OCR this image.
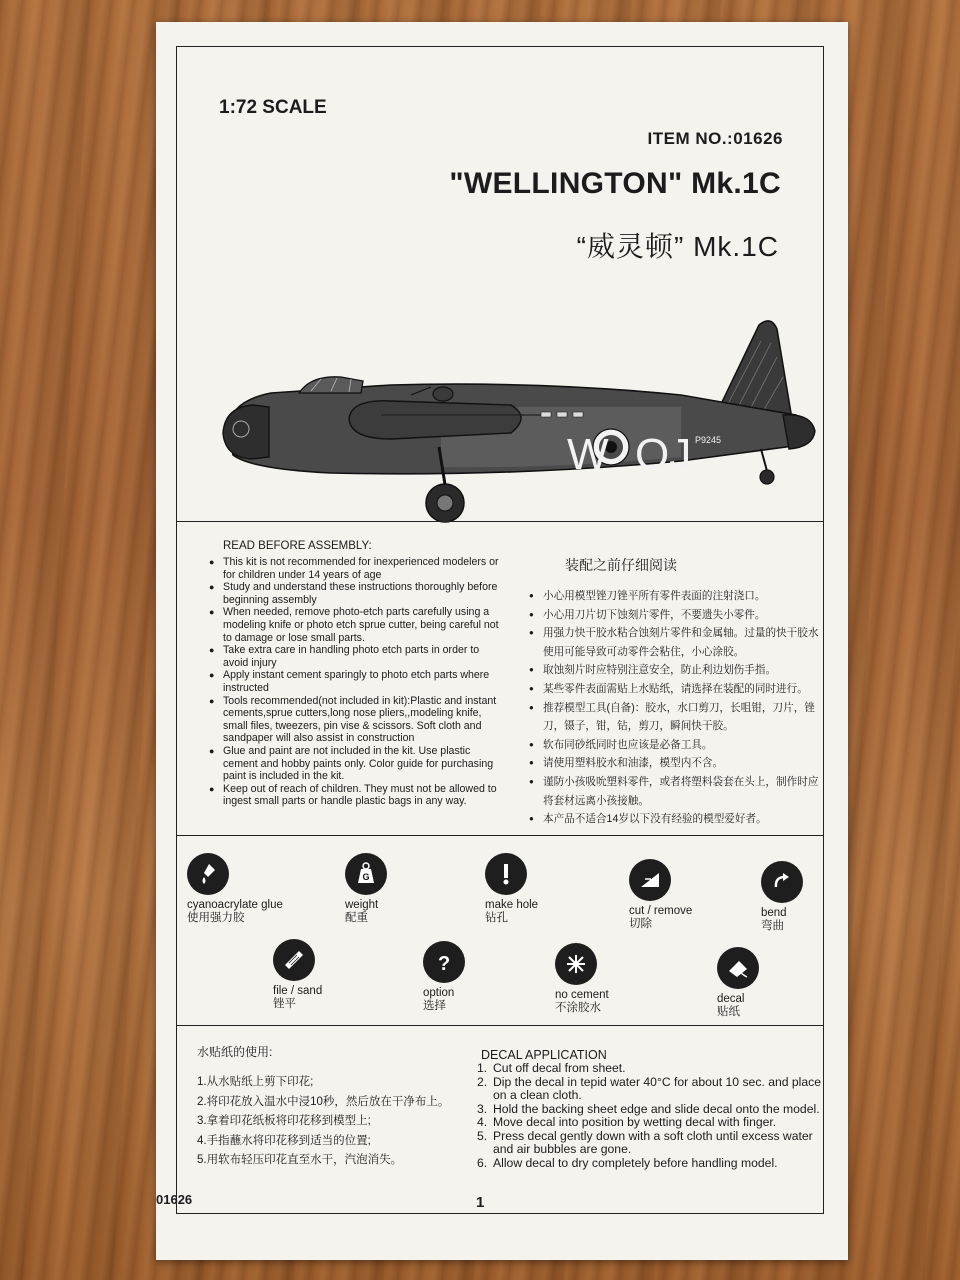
1:72 SCALE
ITEM NO.:01626
"WELLINGTON" Mk.1C
“威灵顿” Mk.1C
W OJ P9245
READ BEFORE ASSEMBLY:
● This kit is not recommended for inexperienced modelers or for children under 14 years of age
● Study and understand these instructions thoroughly before beginning assembly
● When needed, remove photo-etch parts carefully using a modeling knife or photo etch sprue cutter, being careful not to damage or lose small parts.
● Take extra care in handling photo etch parts in order to avoid injury
● Apply instant cement sparingly to photo etch parts where instructed
● Tools recommended(not included in kit):Plastic and instant cements,sprue cutters,long nose pliers,,modeling knife, small files, tweezers, pin vise & scissors. Soft cloth and sandpaper will also assist in construction
● Glue and paint are not included in the kit. Use plastic cement and hobby paints only. Color guide for purchasing paint is included in the kit.
● Keep out of reach of children. They must not be allowed to ingest small parts or handle plastic bags in any way.
装配之前仔细阅读
● 小心用模型锉刀锉平所有零件表面的注射浇口。
● 小心用刀片切下蚀刻片零件，不要遗失小零件。
● 用强力快干胶水粘合蚀刻片零件和金属轴。过量的快干胶水使用可能导致可动零件会粘住，小心涂胶。
● 取蚀刻片时应特别注意安全，防止利边划伤手指。
● 某些零件表面需贴上水贴纸，请选择在装配的同时进行。
● 推荐模型工具(自备)：胶水，水口剪刀，长咀钳，刀片，锉刀，镊子，钳，钻，剪刀，瞬间快干胶。
● 软布同砂纸同时也应该是必备工具。
● 请使用塑料胶水和油漆，模型内不含。
● 谨防小孩吸吮塑料零件，或者将塑料袋套在头上，制作时应将套材远离小孩接触。
● 本产品不适合14岁以下没有经验的模型爱好者。
cyanoacrylate glue
使用强力胶
G
weight
配重
make hole
钻孔
cut / remove
切除
bend
弯曲
file / sand
锉平
?
option
选择
no cement
不涂胶水
decal
贴纸
水贴纸的使用:
1.从水贴纸上剪下印花;
2.将印花放入温水中浸10秒，然后放在干净布上。
3.拿着印花纸板将印花移到模型上;
4.手指蘸水将印花移到适当的位置;
5.用软布轻压印花直至水干，汽泡消失。
DECAL APPLICATION
1. Cut off decal from sheet.
2. Dip the decal in tepid water 40°C for about 10 sec. and place on a clean cloth.
3. Hold the backing sheet edge and slide decal onto the model.
4. Move decal into position by wetting decal with finger.
5. Press decal gently down with a soft cloth until excess water and air bubbles are gone.
6. Allow decal to dry completely before handling model.
01626	1
